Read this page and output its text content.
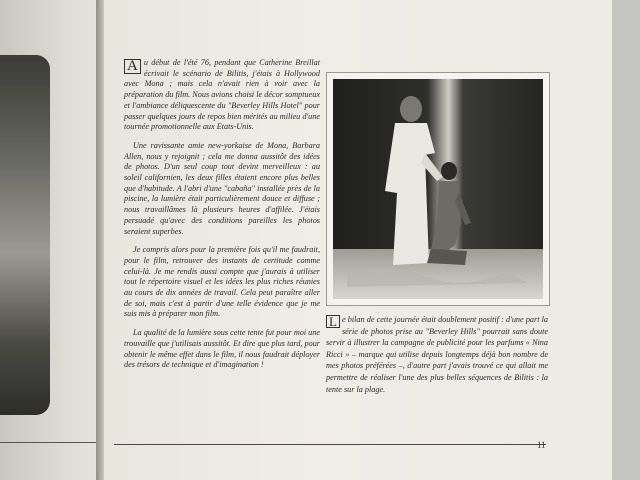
A u début de l'été 76, pendant que Catherine Breillat écrivait le scénario de Bilitis, j'étais à Hollywood avec Mona ; mais cela n'avait rien à voir avec la préparation du film. Nous avions choisi le décor somptueux et l'ambiance déliquescente du "Beverley Hills Hotel" pour passer quelques jours de repos bien mérités au milieu d'une tournée promotionnelle aux Etats-Unis.

Une ravissante amie new-yorkaise de Mona, Barbara Allen, nous y rejoignit ; cela me donna aussitôt des idées de photos. D'un seul coup tout devint merveilleux : au soleil californien, les deux filles étaient encore plus belles que d'habitude. A l'abri d'une "cabaña" installée près de la piscine, la lumière était particulièrement douce et diffuse ; nous travaillâmes là plusieurs heures d'affilée. J'étais persuadé qu'avec des conditions pareilles les photos seraient superbes.

Je compris alors pour la première fois qu'il me faudrait, pour le film, retrouver des instants de certitude comme celui-là. Je me rendis aussi compte que j'aurais à utiliser tout le répertoire visuel et les idées les plus riches réunies au cours de dix années de travail. Cela peut paraître aller de soi, mais c'est à partir d'une telle évidence que je me suis mis à préparer mon film.

La qualité de la lumière sous cette tente fut pour moi une trouvaille que j'utilisais aussitôt. Et dire que plus tard, pour obtenir le même effet dans le film, il nous faudrait déployer des trésors de technique et d'imagination !

L e bilan de cette journée était doublement positif : d'une part la série de photos prise au "Beverley Hills" pourrait sans doute servir à illustrer la campagne de publicité pour les parfums « Nina Ricci » – marque qui utilise depuis longtemps déjà bon nombre de mes photos préférées –, d'autre part j'avais trouvé ce qui allait me permettre de réaliser l'une des plus belles séquences de Bilitis : la tente sur la plage.

11
